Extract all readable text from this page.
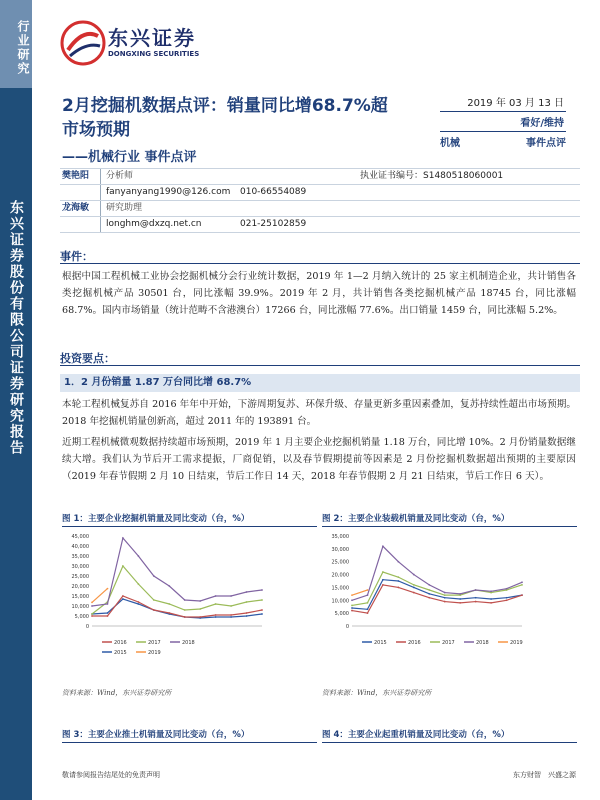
行业研究
东兴证券股份有限公司证券研究报告
东兴证券
DONGXING SECURITIES
2月挖掘机数据点评：销量同比增68.7%超市场预期
——机械行业 事件点评
2019 年 03 月 13 日
看好/维持
机械	事件点评
樊艳阳 分析师	执业证书编号：S1480518060001
fanyanyang1990@126.com 010-66554089
龙海敏 研究助理
longhm@dxzq.net.cn	021-25102859
事件：
根据中国工程机械工业协会挖掘机械分会行业统计数据，2019 年 1—2 月纳入统计的 25 家主机制造企业，共计销售各类挖掘机械产品 30501 台，同比涨幅 39.9%。2019 年 2 月，共计销售各类挖掘机械产品 18745 台，同比涨幅 68.7%。国内市场销量（统计范畴不含港澳台）17266 台，同比涨幅 77.6%。出口销量 1459 台，同比涨幅 5.2%。
投资要点：
1．2 月份销量 1.87 万台同比增 68.7%
本轮工程机械复苏自 2016 年年中开始，下游周期复苏、环保升级、存量更新多重因素叠加，复苏持续性超出市场预期。2018 年挖掘机销量创新高，超过 2011 年的 193891 台。
近期工程机械微观数据持续超市场预期，2019 年 1 月主要企业挖掘机销量 1.18 万台，同比增 10%。2 月份销量数据继续大增。我们认为节后开工需求提振，厂商促销，以及春节假期提前等因素是 2 月份挖掘机数据超出预期的主要原因（2019 年春节假期 2 月 10 日结束，节后工作日 14 天，2018 年春节假期 2 月 21 日结束，节后工作日 6 天）。
图 1：主要企业挖掘机销量及同比变动（台，%）	图 2：主要企业装载机销量及同比变动（台，%）
45,000
40,000
35,000
30,000
25,000
20,000
15,000
10,000
5,000
0
2016	2017	2018
2015	2019
35,000
30,000
25,000
20,000
15,000
10,000
5,000
0
2015	2016	2017	2018	2019
资料来源：Wind，东兴证券研究所	资料来源：Wind，东兴证券研究所
图 3：主要企业推土机销量及同比变动（台，%）	图 4：主要企业起重机销量及同比变动（台，%）
敬请参阅报告结尾处的免责声明	东方财智　兴盛之源
